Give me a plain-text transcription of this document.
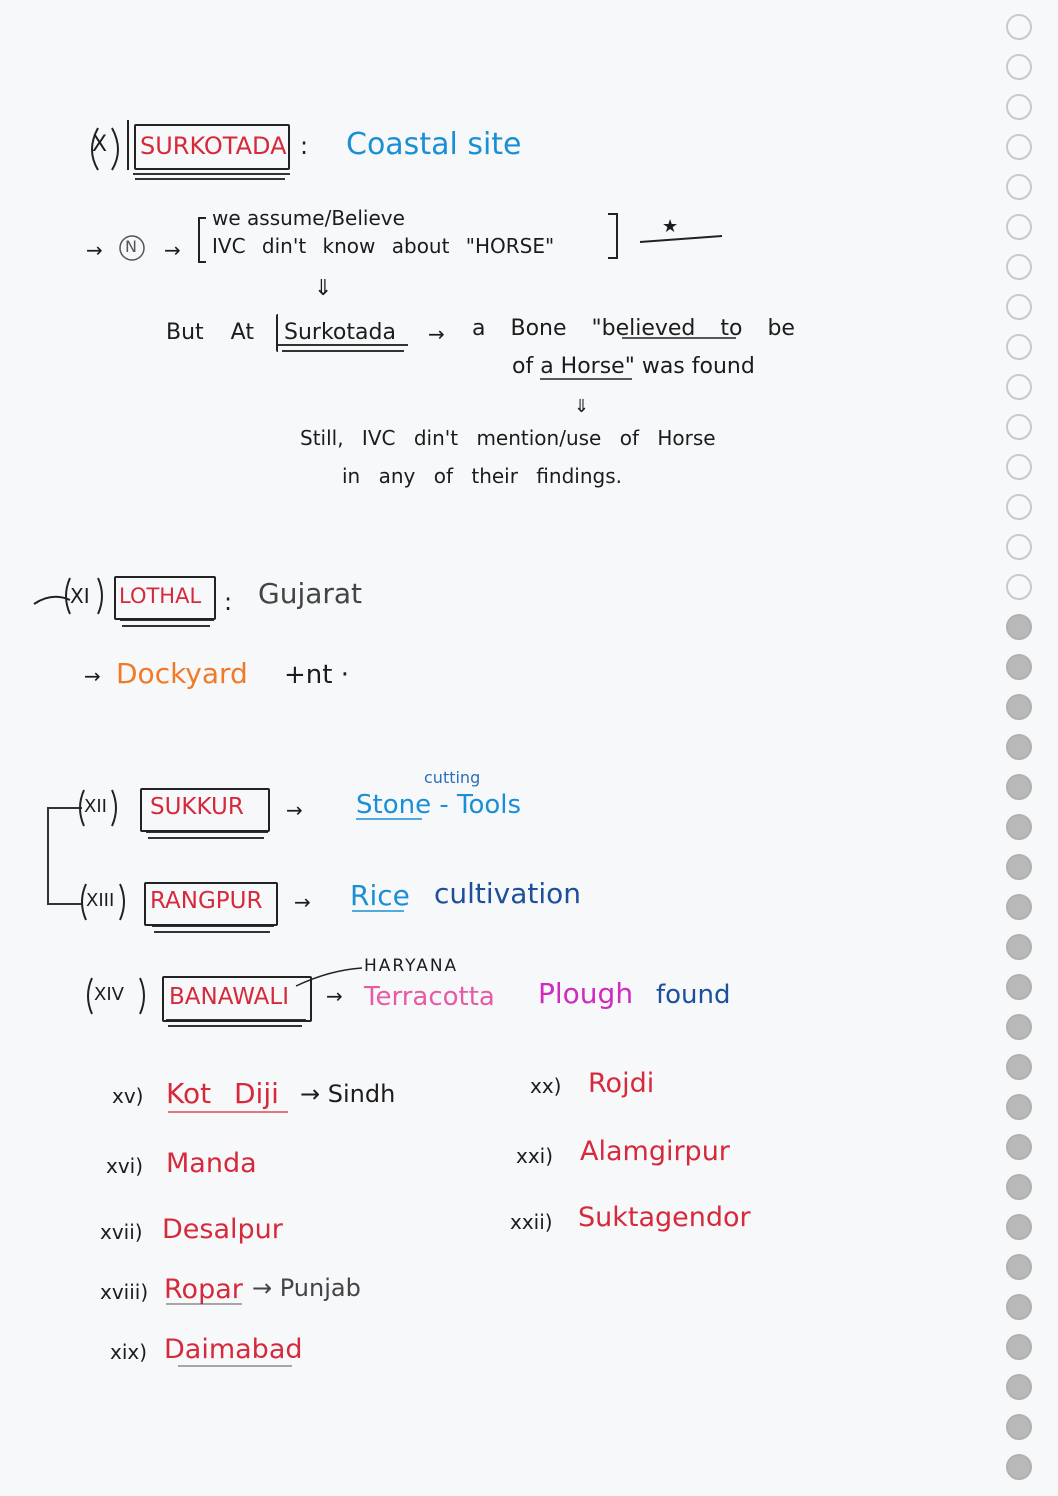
X SURKOTADA : Coastal site
→ N →
we assume/Believe
IVC din't know about "HORSE"
★
⇓
But At Surkotada → a Bone "believed to be
of a Horse" was found
⇓
Still, IVC din't mention/use of Horse
in any of their findings.
XI LOTHAL : Gujarat
→ Dockyard +nt ·
XII SUKKUR →
cutting
Stone - Tools
XIII RANGPUR → Rice cultivation
XIV BANAWALI →
HARYANA
Terracotta Plough found
xv) Kot Diji → Sindh
xvi) Manda
xvii) Desalpur
xviii) Ropar → Punjab
xix) Daimabad
xx) Rojdi
xxi) Alamgirpur
xxii) Suktagendor
